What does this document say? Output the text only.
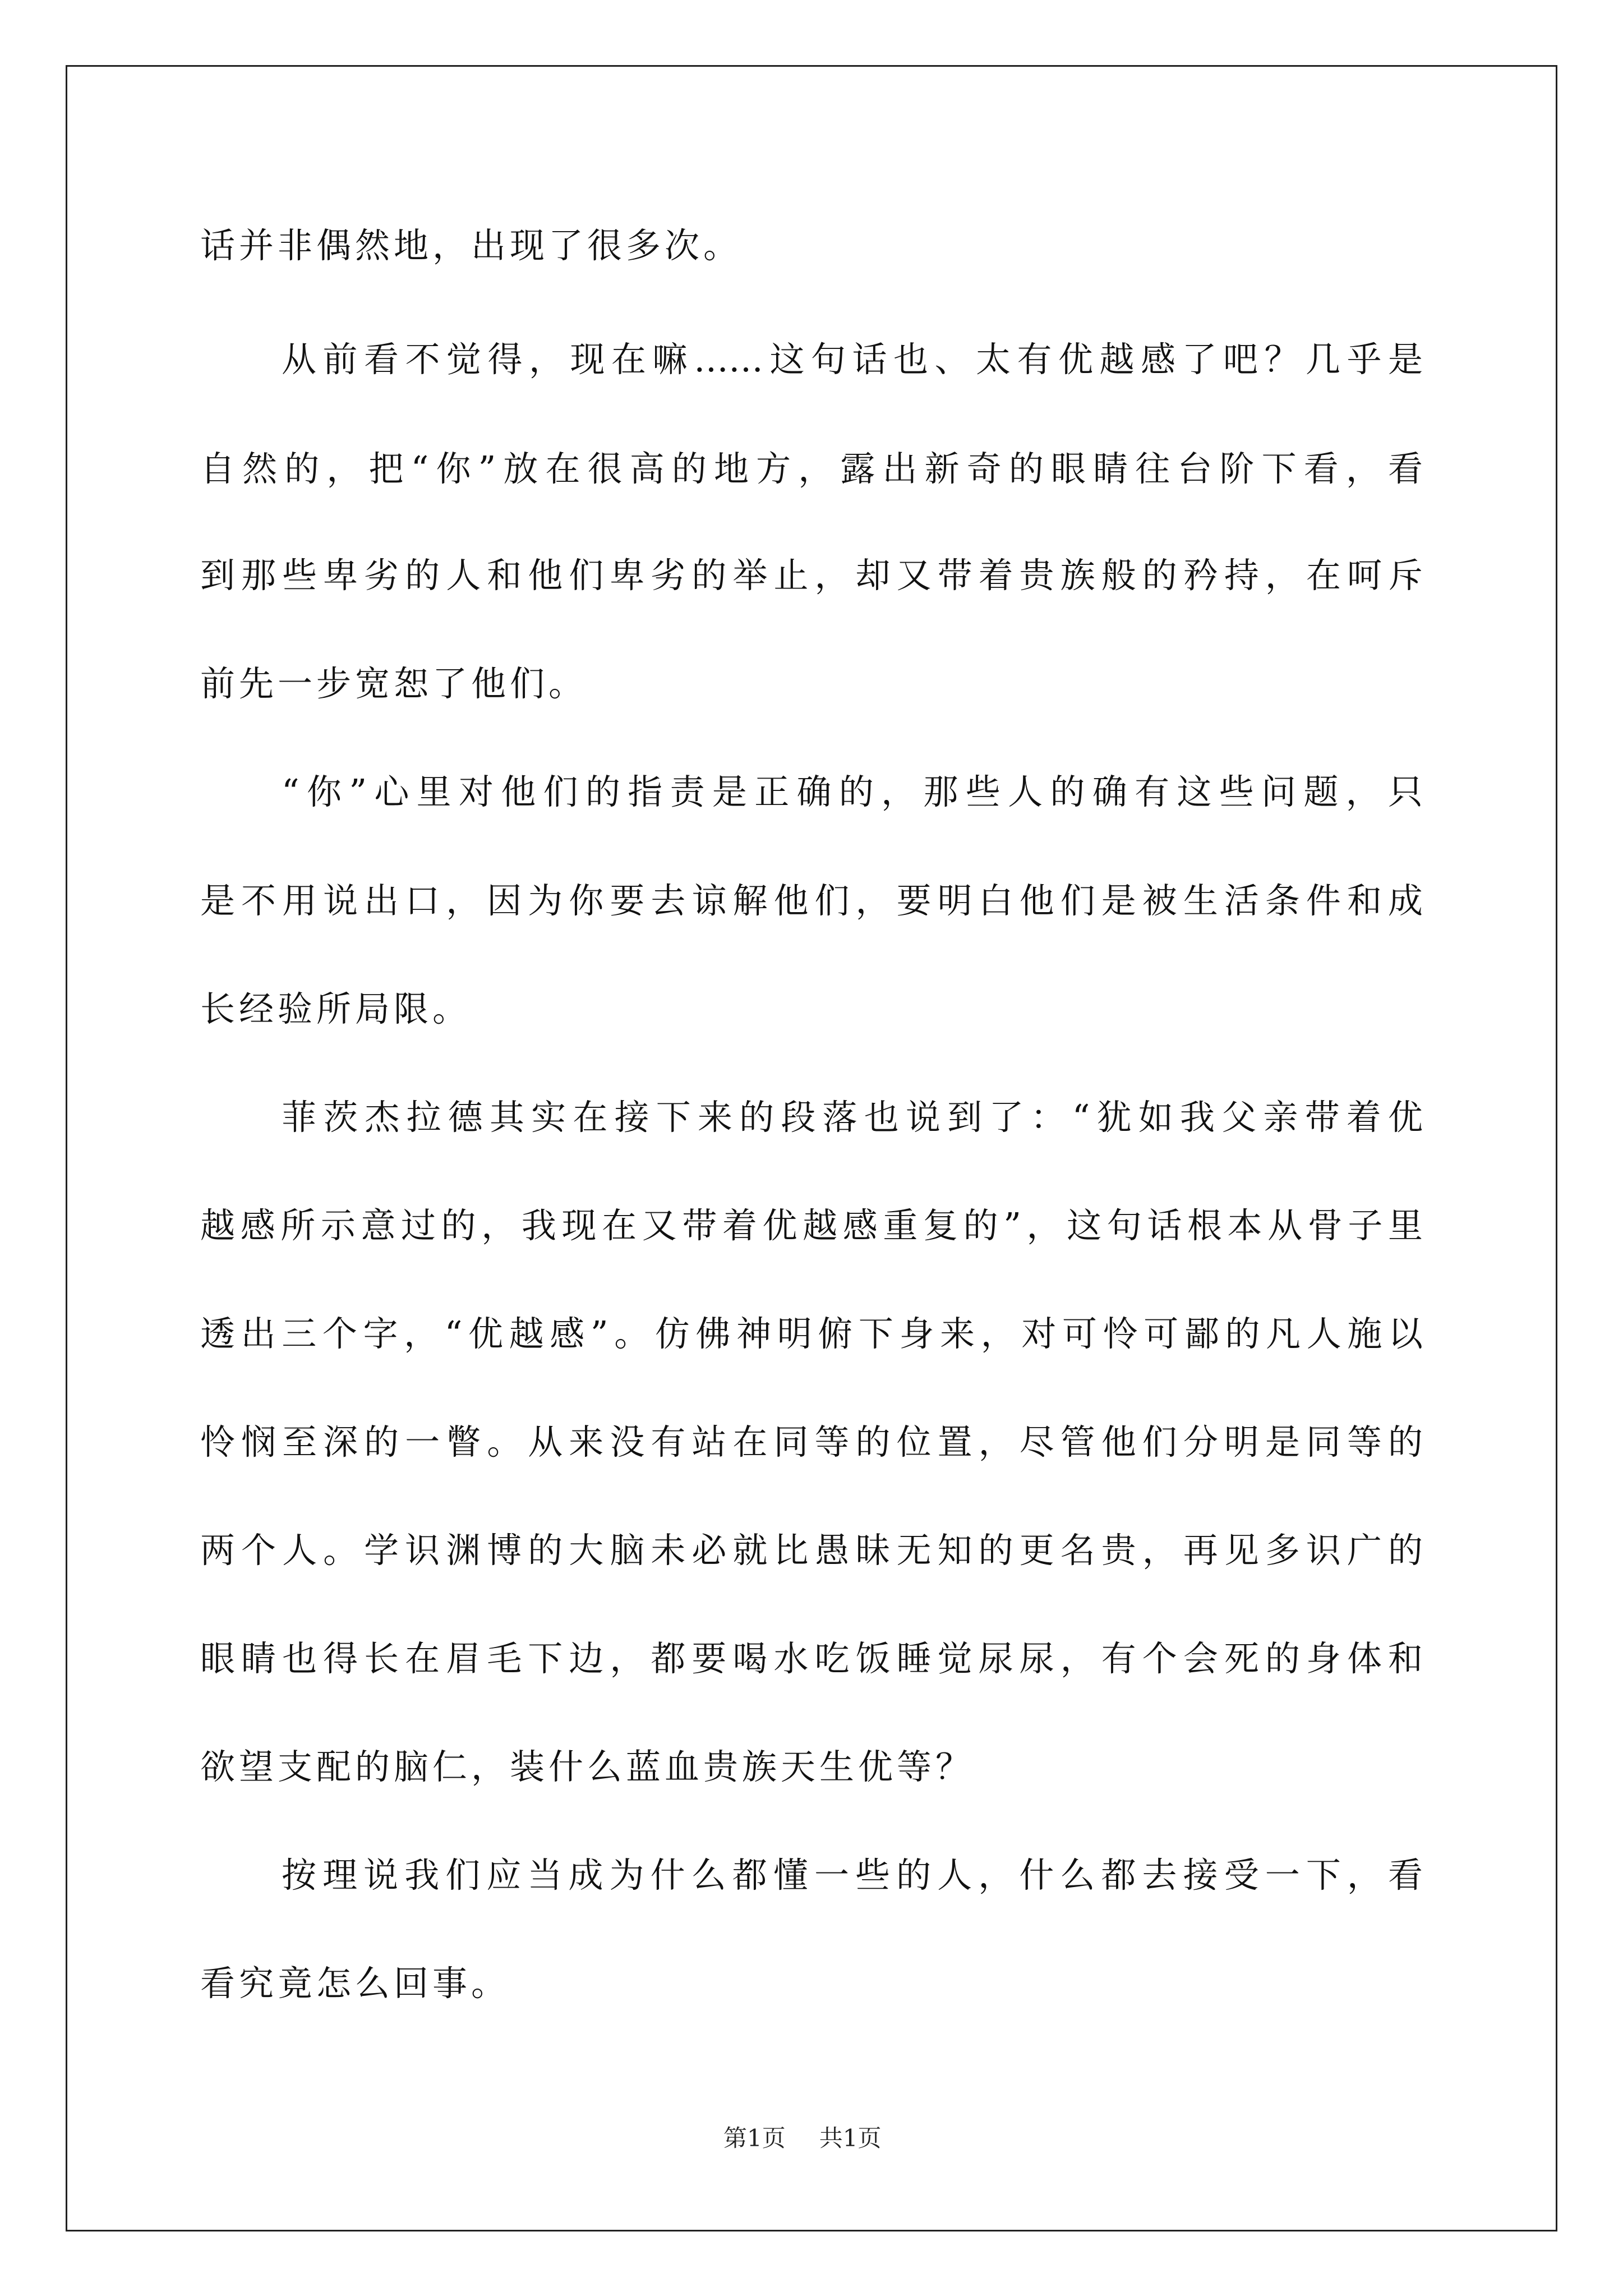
话并非偶然地，出现了很多次。
从前看不觉得，现在嘛……这句话也、太有优越感了吧？几乎是
自然的，把“你”放在很高的地方，露出新奇的眼睛往台阶下看，看
到那些卑劣的人和他们卑劣的举止，却又带着贵族般的矜持，在呵斥
前先一步宽恕了他们。
“你”心里对他们的指责是正确的，那些人的确有这些问题，只
是不用说出口，因为你要去谅解他们，要明白他们是被生活条件和成
长经验所局限。
菲茨杰拉德其实在接下来的段落也说到了：“犹如我父亲带着优
越感所示意过的，我现在又带着优越感重复的”，这句话根本从骨子里
透出三个字，“优越感”。仿佛神明俯下身来，对可怜可鄙的凡人施以
怜悯至深的一瞥。从来没有站在同等的位置，尽管他们分明是同等的
两个人。学识渊博的大脑未必就比愚昧无知的更名贵，再见多识广的
眼睛也得长在眉毛下边，都要喝水吃饭睡觉尿尿，有个会死的身体和
欲望支配的脑仁，装什么蓝血贵族天生优等？
按理说我们应当成为什么都懂一些的人，什么都去接受一下，看
看究竟怎么回事。
第1页 共1页
